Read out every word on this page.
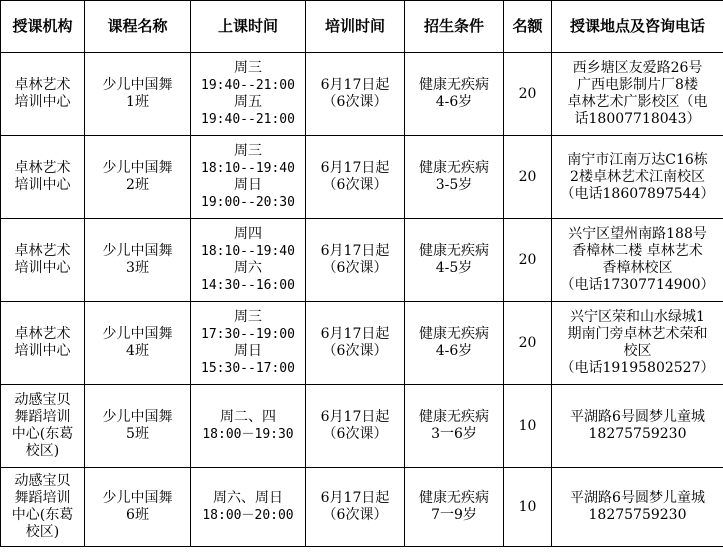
授课机构	课程名称	上课时间	培训时间	招生条件	名额	授课地点及咨询电话

卓林艺术
培训中心	少儿中国舞
1班	周三
19:40--21:00
周五
19:40--21:00	6月17日起
（6次课）	健康无疾病
4-6岁	20	西乡塘区友爱路26号
广西电影制片厂8楼
卓林艺术广影校区（电
话18007718043）

卓林艺术
培训中心	少儿中国舞
2班	周三
18:10--19:40
周日
19:00--20:30	6月17日起
（6次课）	健康无疾病
3-5岁	20	南宁市江南万达C16栋
2楼卓林艺术江南校区
（电话18607897544）

卓林艺术
培训中心	少儿中国舞
3班	周四
18:10--19:40
周六
14:30--16:00	6月17日起
（6次课）	健康无疾病
4-5岁	20	兴宁区望州南路188号
香樟林二楼 卓林艺术
香樟林校区
（电话17307714900）

卓林艺术
培训中心	少儿中国舞
4班	周三
17:30--19:00
周日
15:30--17:00	6月17日起
（6次课）	健康无疾病
4-6岁	20	兴宁区荣和山水绿城1
期南门旁卓林艺术荣和
校区
（电话19195802527）

动感宝贝
舞蹈培训
中心(东葛
校区)	少儿中国舞
5班	周二、四
18:00－19:30	6月17日起
（6次课）	健康无疾病
3一6岁	10	平湖路6号圆梦儿童城
18275759230

动感宝贝
舞蹈培训
中心(东葛
校区)	少儿中国舞
6班	周六、周日
18:00－20:00	6月17日起
（6次课）	健康无疾病
7一9岁	10	平湖路6号圆梦儿童城
18275759230
